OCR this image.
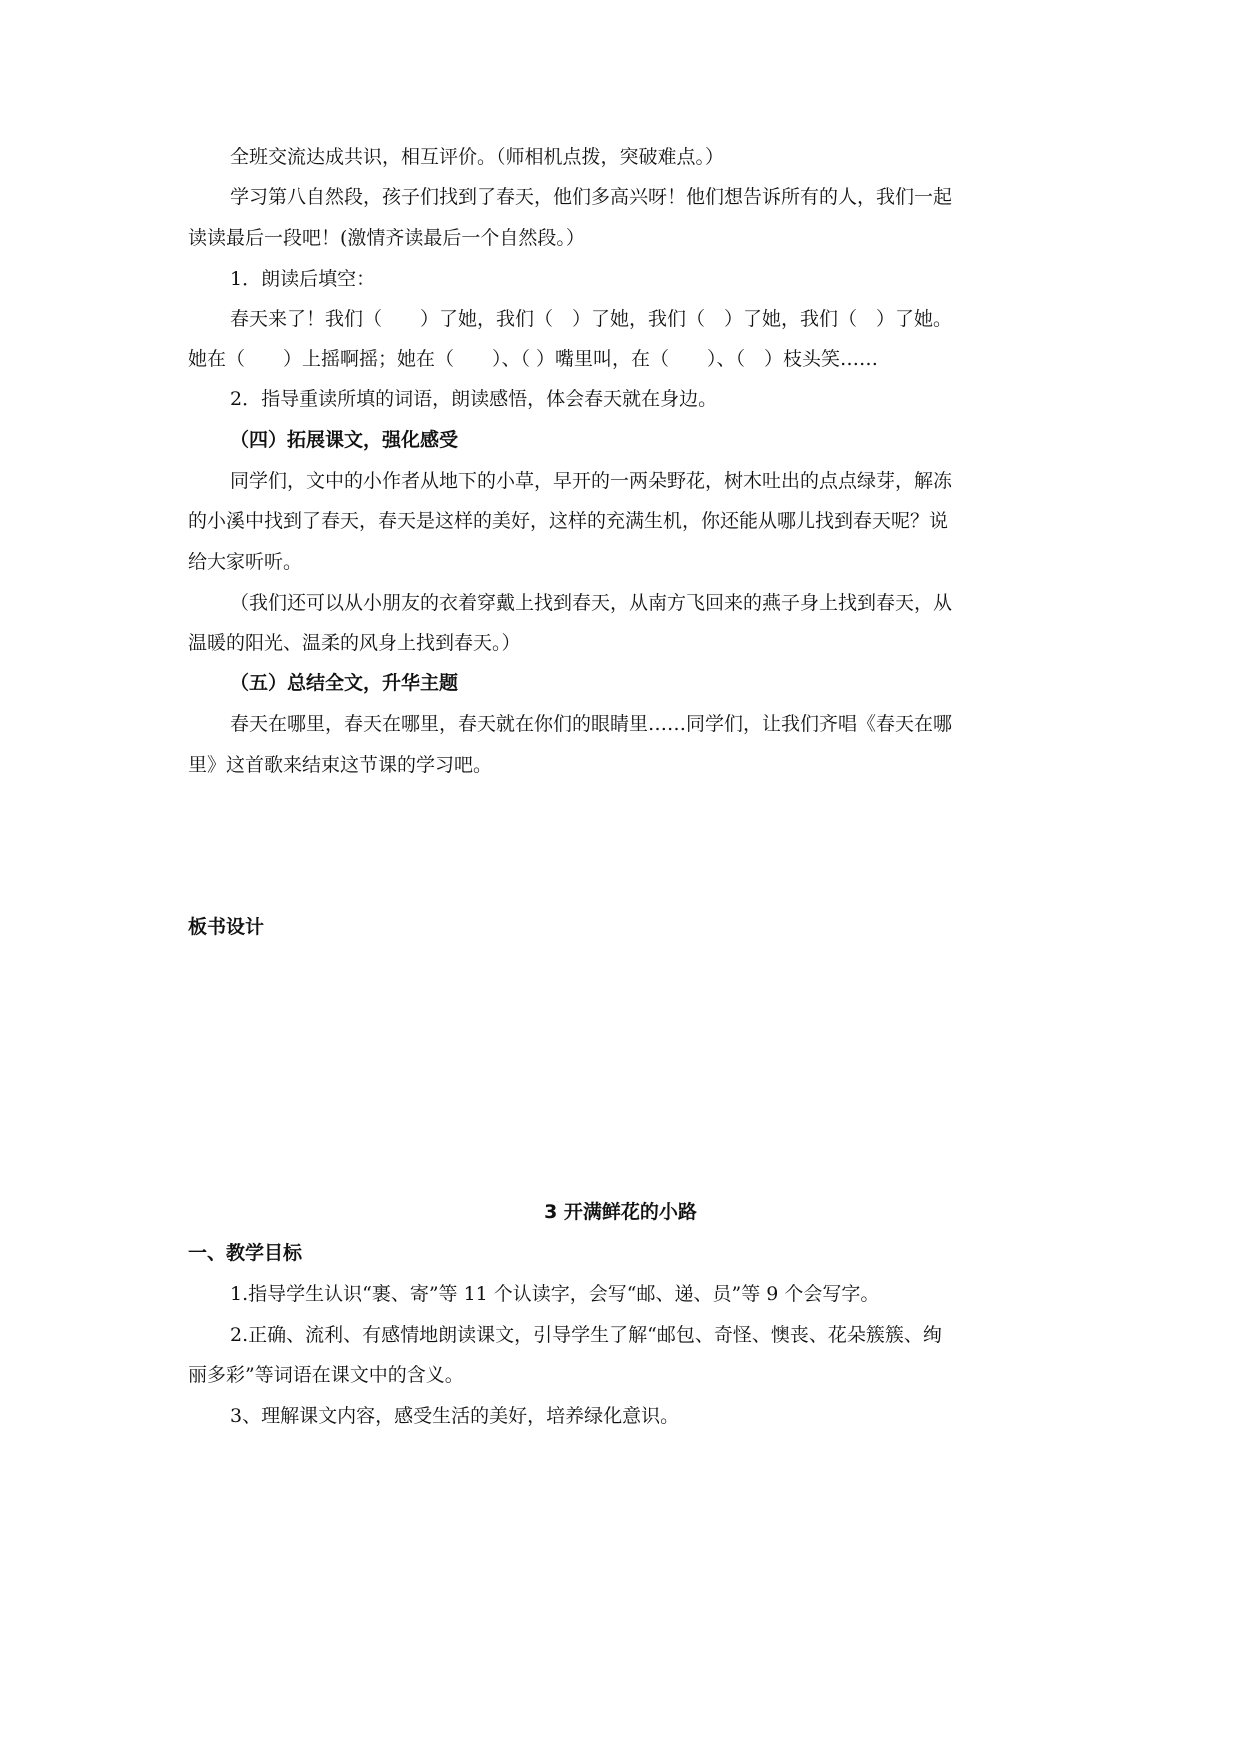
全班交流达成共识，相互评价。（师相机点拨，突破难点。）
学习第八自然段，孩子们找到了春天，他们多高兴呀！他们想告诉所有的人，我们一起
读读最后一段吧！(激情齐读最后一个自然段。）
1．朗读后填空：
春天来了！我们（　　）了她，我们（　）了她，我们（　）了她，我们（　）了她。
她在（　　）上摇啊摇；她在（　　）、（ ）嘴里叫，在（　　）、（　）枝头笑……
2．指导重读所填的词语，朗读感悟，体会春天就在身边。
（四）拓展课文，强化感受
同学们，文中的小作者从地下的小草，早开的一两朵野花，树木吐出的点点绿芽，解冻
的小溪中找到了春天，春天是这样的美好，这样的充满生机，你还能从哪儿找到春天呢？说
给大家听听。
（我们还可以从小朋友的衣着穿戴上找到春天，从南方飞回来的燕子身上找到春天，从
温暖的阳光、温柔的风身上找到春天。）
（五）总结全文，升华主题
春天在哪里，春天在哪里，春天就在你们的眼睛里……同学们，让我们齐唱《春天在哪
里》这首歌来结束这节课的学习吧。
板书设计
3 开满鲜花的小路
一、教学目标
1.指导学生认识“裹、寄”等 11 个认读字，会写“邮、递、员”等 9 个会写字。
2.正确、流利、有感情地朗读课文，引导学生了解“邮包、奇怪、懊丧、花朵簇簇、绚
丽多彩”等词语在课文中的含义。
3、理解课文内容，感受生活的美好，培养绿化意识。
